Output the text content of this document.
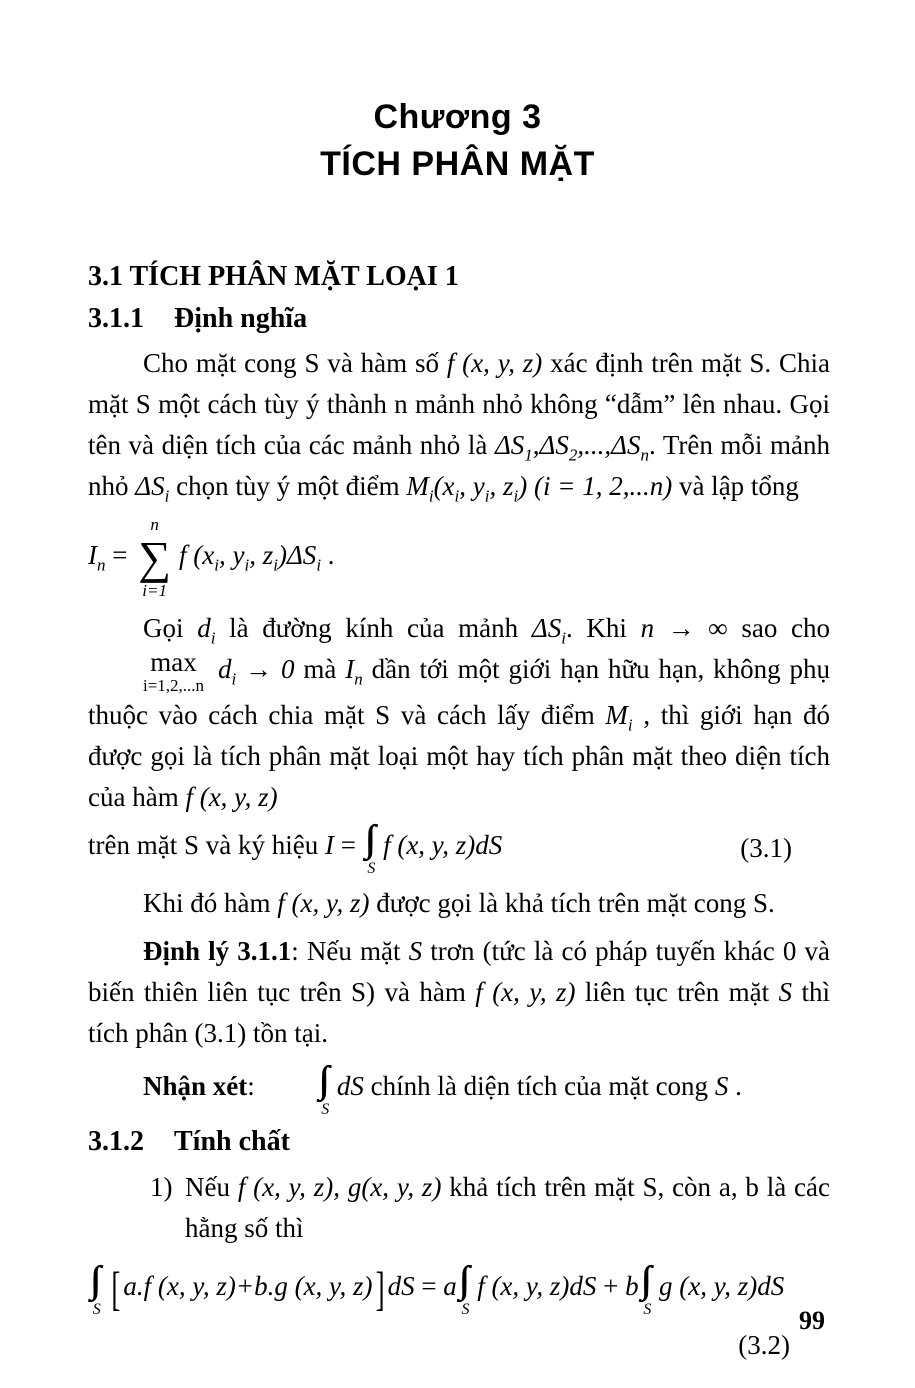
Chương 3
TÍCH PHÂN MẶT
3.1 TÍCH PHÂN MẶT LOẠI 1
3.1.1 Định nghĩa
Cho mặt cong S và hàm số f (x, y, z) xác định trên mặt S. Chia mặt S một cách tùy ý thành n mảnh nhỏ không “dẫm” lên nhau. Gọi tên và diện tích của các mảnh nhỏ là $\Delta S_1,\Delta S_2,...,\Delta S_n$. Trên mỗi mảnh nhỏ $\Delta S_i$ chọn tùy ý một điểm $M_i(x_i$, $y_i$, $z_i$) (i = 1, 2,...n) và lập tổng
$I_n$ =
n
∑
i=1
f ($x_i$, $y_i$, $z_i)\Delta S_i$ .
Gọi $d_i$ là đường kính của mảnh $\Delta S_i$. Khi n → ∞ sao cho
max
i=1,2,...n
$d_i \to 0$ mà $I_n$ dần tới một giới hạn hữu hạn, không phụ thuộc vào cách chia mặt S và cách lấy điểm $M_i$ , thì giới hạn đó được gọi là tích phân mặt loại một hay tích phân mặt theo diện tích của hàm f (x, y, z)
trên mặt S và ký hiệu I =
S
f (x, y, z)dS	(3.1)
Khi đó hàm f (x, y, z) được gọi là khả tích trên mặt cong S.
Định lý 3.1.1: Nếu mặt S trơn (tức là có pháp tuyến khác 0 và biến thiên liên tục trên S) và hàm f (x, y, z) liên tục trên mặt S thì tích phân (3.1) tồn tại.
Nhận xét:
S
dS chính là diện tích của mặt cong S .
3.1.2 Tính chất
1) Nếu f (x, y, z), g(x, y, z) khả tích trên mặt S, còn a, b là các hằng số thì
S [ a.f (x, y, z)+b.g (x, y, z) ] dS = a
S
f (x, y, z)dS + b
S
g (x, y, z)dS
(3.2)
99
